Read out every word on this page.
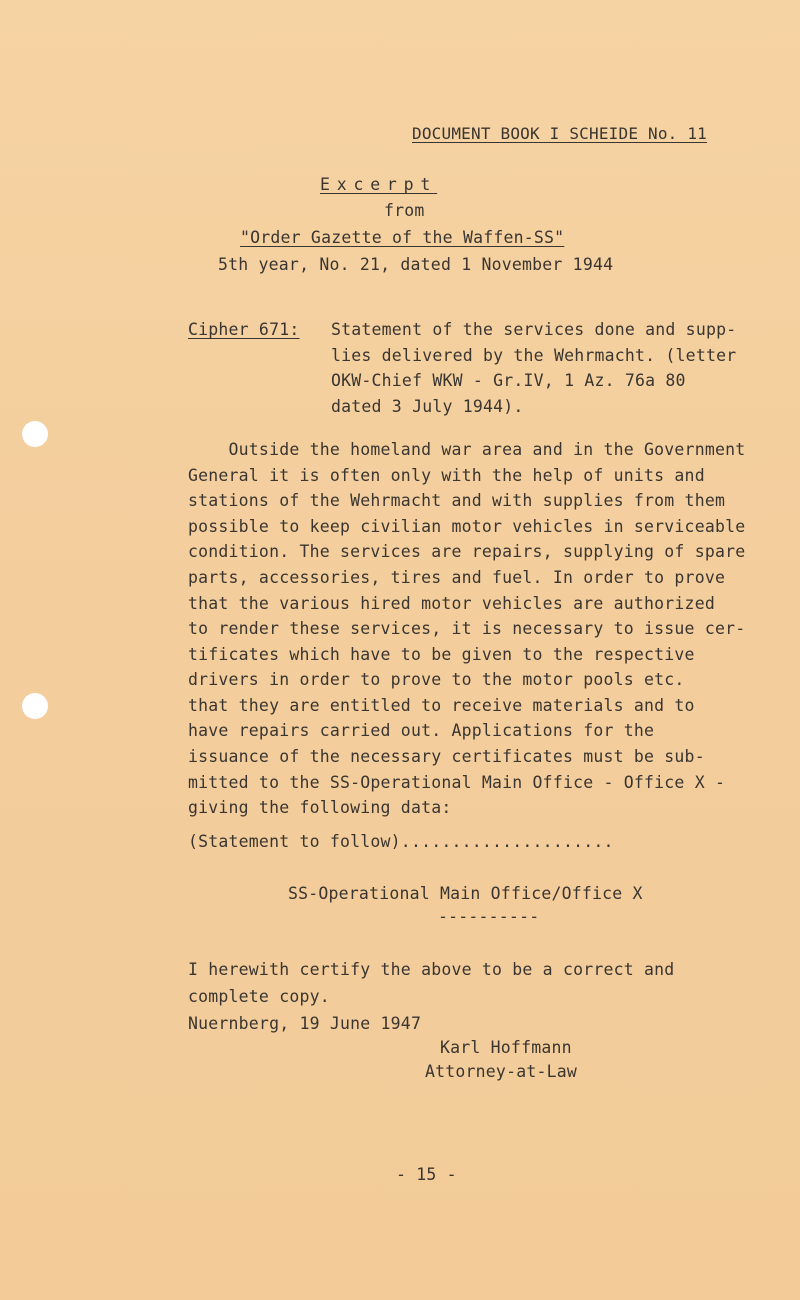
DOCUMENT BOOK I SCHEIDE No. 11
Excerpt
from
"Order Gazette of the Waffen-SS"
5th year, No. 21, dated 1 November 1944
Cipher 671: Statement of the services done and supp-
lies delivered by the Wehrmacht. (letter
OKW-Chief WKW - Gr.IV, 1 Az. 76a 80
dated 3 July 1944).
Outside the homeland war area and in the Government
General it is often only with the help of units and
stations of the Wehrmacht and with supplies from them
possible to keep civilian motor vehicles in serviceable
condition. The services are repairs, supplying of spare
parts, accessories, tires and fuel. In order to prove
that the various hired motor vehicles are authorized
to render these services, it is necessary to issue cer-
tificates which have to be given to the respective
drivers in order to prove to the motor pools etc.
that they are entitled to receive materials and to
have repairs carried out. Applications for the
issuance of the necessary certificates must be sub-
mitted to the SS-Operational Main Office - Office X -
giving the following data:
(Statement to follow).....................
SS-Operational Main Office/Office X
----------
I herewith certify the above to be a correct and
complete copy.
Nuernberg, 19 June 1947
Karl Hoffmann
Attorney-at-Law
- 15 -
